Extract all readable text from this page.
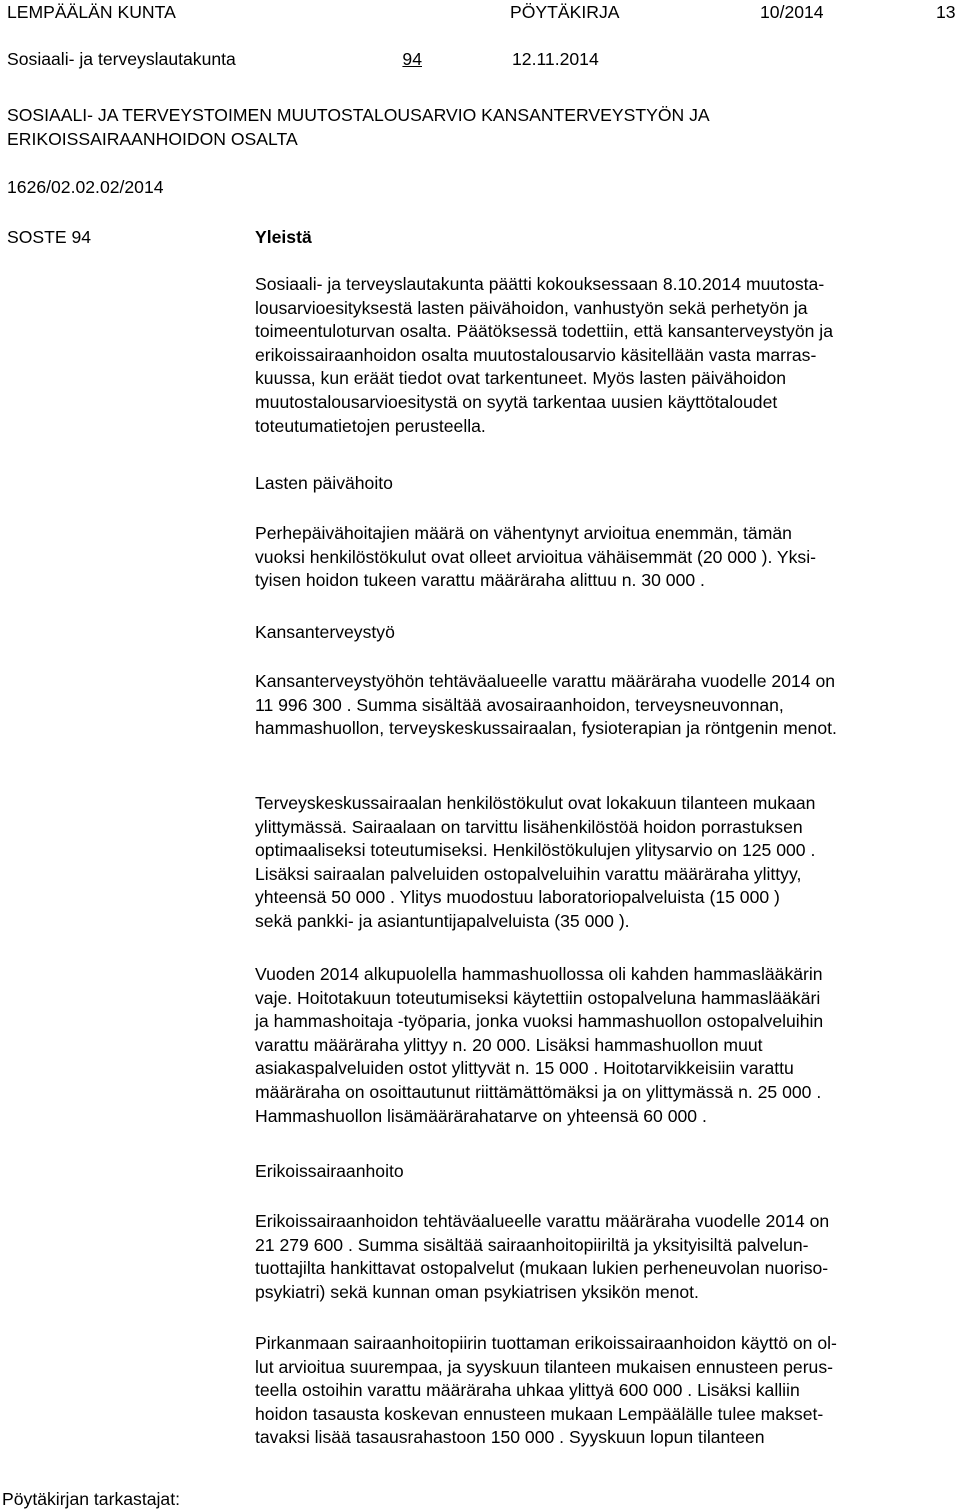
LEMPÄÄLÄN KUNTA	PÖYTÄKIRJA	10/2014	13
Sosiaali- ja terveyslautakunta	94	12.11.2014
SOSIAALI- JA TERVEYSTOIMEN MUUTOSTALOUSARVIO KANSANTERVEYSTYÖN JA
ERIKOISSAIRAANHOIDON OSALTA
1626/02.02.02/2014
SOSTE 94	Yleistä
Sosiaali- ja terveyslautakunta päätti kokouksessaan 8.10.2014 muutosta-
lousarvioesityksestä lasten päivähoidon, vanhustyön sekä perhetyön ja
toimeentuloturvan osalta. Päätöksessä todettiin, että kansanterveystyön ja
erikoissairaanhoidon osalta muutostalousarvio käsitellään vasta marras-
kuussa, kun eräät tiedot ovat tarkentuneet. Myös lasten päivähoidon
muutostalousarvioesitystä on syytä tarkentaa uusien käyttötaloudet
toteutumatietojen perusteella.
Lasten päivähoito
Perhepäivähoitajien määrä on vähentynyt arvioitua enemmän, tämän
vuoksi henkilöstökulut ovat olleet arvioitua vähäisemmät (20 000 ). Yksi-
tyisen hoidon tukeen varattu määräraha alittuu n. 30 000 .
Kansanterveystyö
Kansanterveystyöhön tehtäväalueelle varattu määräraha vuodelle 2014 on
11 996 300 . Summa sisältää avosairaanhoidon, terveysneuvonnan,
hammashuollon, terveyskeskussairaalan, fysioterapian ja röntgenin menot.
Terveyskeskussairaalan henkilöstökulut ovat lokakuun tilanteen mukaan
ylittymässä. Sairaalaan on tarvittu lisähenkilöstöä hoidon porrastuksen
optimaaliseksi toteutumiseksi. Henkilöstökulujen ylitysarvio on 125 000 .
Lisäksi sairaalan palveluiden ostopalveluihin varattu määräraha ylittyy,
yhteensä 50 000 . Ylitys muodostuu laboratoriopalveluista (15 000 )
sekä pankki- ja asiantuntijapalveluista (35 000 ).
Vuoden 2014 alkupuolella hammashuollossa oli kahden hammaslääkärin
vaje. Hoitotakuun toteutumiseksi käytettiin ostopalveluna hammaslääkäri
ja hammashoitaja -työparia, jonka vuoksi hammashuollon ostopalveluihin
varattu määräraha ylittyy n. 20 000. Lisäksi hammashuollon muut
asiakaspalveluiden ostot ylittyvät n. 15 000 . Hoitotarvikkeisiin varattu
määräraha on osoittautunut riittämättömäksi ja on ylittymässä n. 25 000 .
Hammashuollon lisämäärärahatarve on yhteensä 60 000 .
Erikoissairaanhoito
Erikoissairaanhoidon tehtäväalueelle varattu määräraha vuodelle 2014 on
21 279 600 . Summa sisältää sairaanhoitopiiriltä ja yksityisiltä palvelun-
tuottajilta hankittavat ostopalvelut (mukaan lukien perheneuvolan nuoriso-
psykiatri) sekä kunnan oman psykiatrisen yksikön menot.
Pirkanmaan sairaanhoitopiirin tuottaman erikoissairaanhoidon käyttö on ol-
lut arvioitua suurempaa, ja syyskuun tilanteen mukaisen ennusteen perus-
teella ostoihin varattu määräraha uhkaa ylittyä 600 000 . Lisäksi kalliin
hoidon tasausta koskevan ennusteen mukaan Lempäälälle tulee makset-
tavaksi lisää tasausrahastoon 150 000 . Syyskuun lopun tilanteen
Pöytäkirjan tarkastajat:
